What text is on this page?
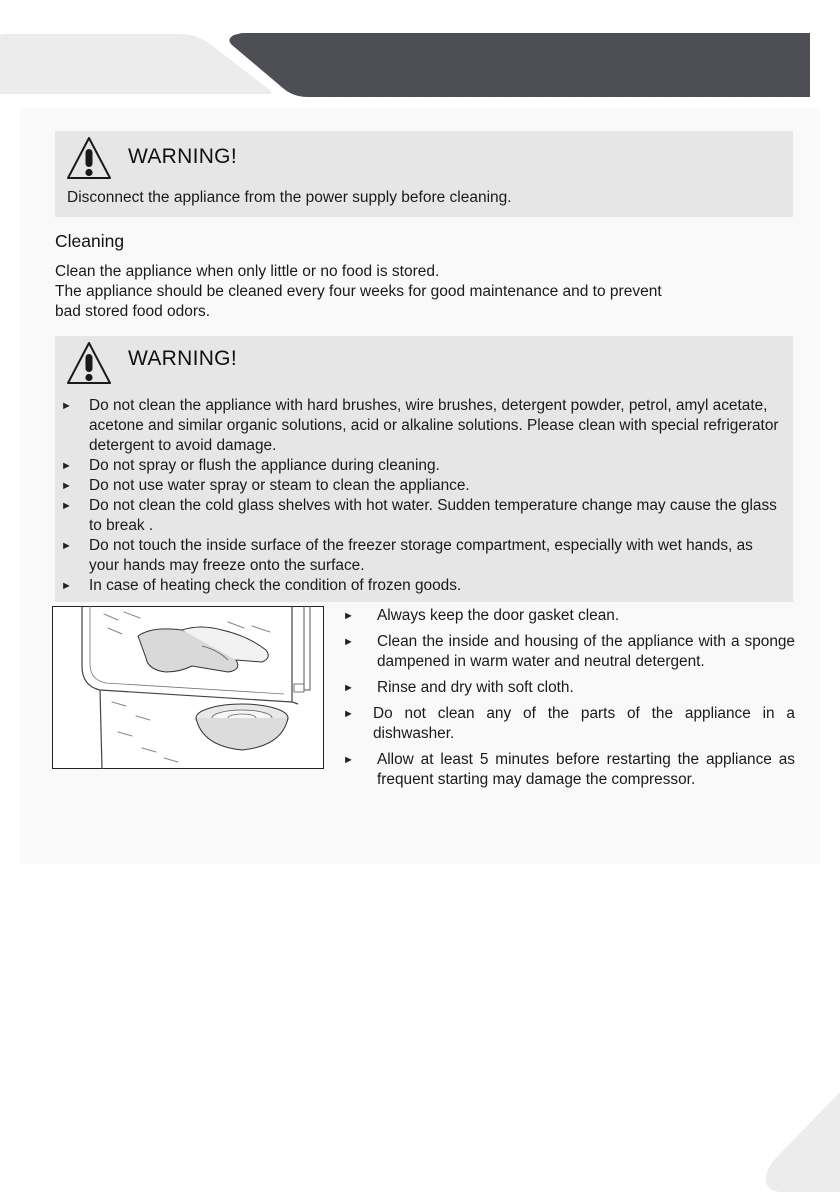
WARNING!
Disconnect the appliance from the power supply before cleaning.
Cleaning
Clean the appliance when only little or no food is stored.
The appliance should be cleaned every four weeks for good maintenance and to prevent
bad stored food odors.
WARNING!
► Do not clean the appliance with hard brushes, wire brushes, detergent powder, petrol, amyl acetate, acetone and similar organic solutions, acid or alkaline solutions. Please clean with special refrigerator detergent to avoid damage.
► Do not spray or flush the appliance during cleaning.
► Do not use water spray or steam to clean the appliance.
► Do not clean the cold glass shelves with hot water. Sudden temperature change may cause the glass to break .
► Do not touch the inside surface of the freezer storage compartment, especially with wet hands, as your hands may freeze onto the surface.
► In case of heating check the condition of frozen goods.
► Always keep the door gasket clean.
► Clean the inside and housing of the appliance with a sponge dampened in warm water and neutral detergent.
► Rinse and dry with soft cloth.
► Do not clean any of the parts of the appliance in a dishwasher.
► Allow at least 5 minutes before restarting the appliance as frequent starting may damage the compressor.
